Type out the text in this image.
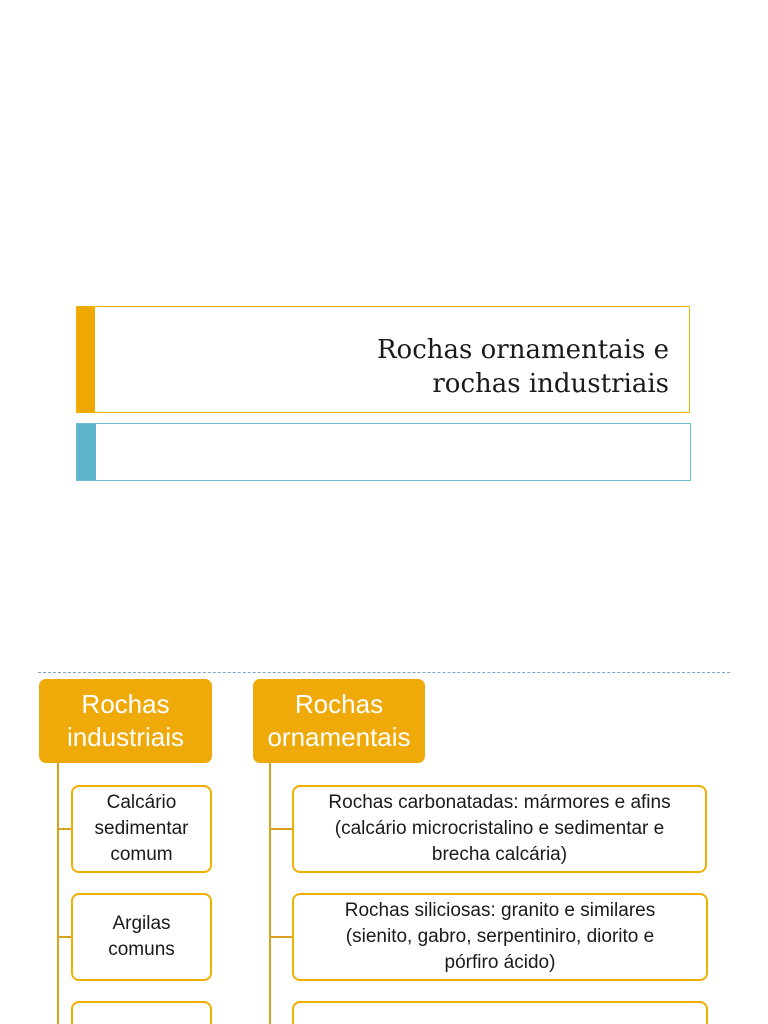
Rochas ornamentais e
rochas industriais
Rochas
industriais
Rochas
ornamentais
Calcário
sedimentar
comum
Argilas
comuns
Rochas carbonatadas: mármores e afins
(calcário microcristalino e sedimentar e
brecha calcária)
Rochas siliciosas: granito e similares
(sienito, gabro, serpentiniro, diorito e
pórfiro ácido)
